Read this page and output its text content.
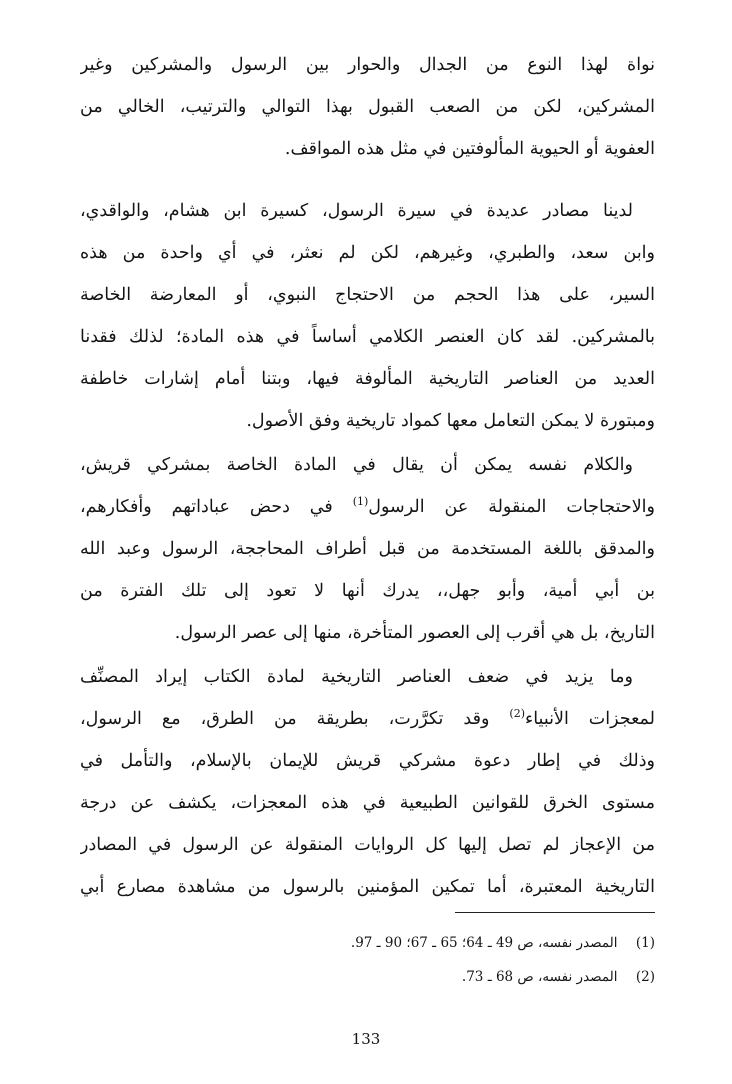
نواة لهذا النوع من الجدال والحوار بين الرسول والمشركين وغير
المشركين، لكن من الصعب القبول بهذا التوالي والترتيب، الخالي من
العفوية أو الحيوية المألوفتين في مثل هذه المواقف.
لدينا مصادر عديدة في سيرة الرسول، كسيرة ابن هشام، والواقدي،
وابن سعد، والطبري، وغيرهم، لكن لم نعثر، في أي واحدة من هذه
السير، على هذا الحجم من الاحتجاج النبوي، أو المعارضة الخاصة
بالمشركين. لقد كان العنصر الكلامي أساساً في هذه المادة؛ لذلك فقدنا
العديد من العناصر التاريخية المألوفة فيها، وبتنا أمام إشارات خاطفة
ومبتورة لا يمكن التعامل معها كمواد تاريخية وفق الأصول.
والكلام نفسه يمكن أن يقال في المادة الخاصة بمشركي قريش،
والاحتجاجات المنقولة عن الرسول$^{(1)}$ في دحض عباداتهم وأفكارهم،
والمدقق باللغة المستخدمة من قبل أطراف المحاججة، الرسول وعبد الله
بن أبي أمية، وأبو جهل،، يدرك أنها لا تعود إلى تلك الفترة من
التاريخ، بل هي أقرب إلى العصور المتأخرة، منها إلى عصر الرسول.
وما يزيد في ضعف العناصر التاريخية لمادة الكتاب إيراد المصنِّف
لمعجزات الأنبياء$^{(2)}$ وقد تكرَّرت، بطريقة من الطرق، مع الرسول،
وذلك في إطار دعوة مشركي قريش للإيمان بالإسلام، والتأمل في
مستوى الخرق للقوانين الطبيعية في هذه المعجزات، يكشف عن درجة
من الإعجاز لم تصل إليها كل الروايات المنقولة عن الرسول في المصادر
التاريخية المعتبرة، أما تمكين المؤمنين بالرسول من مشاهدة مصارع أبي
(1) المصدر نفسه، ص 49 ـ 64؛ 65 ـ 67؛ 90 ـ 97.
(2) المصدر نفسه، ص 68 ـ 73.
133
